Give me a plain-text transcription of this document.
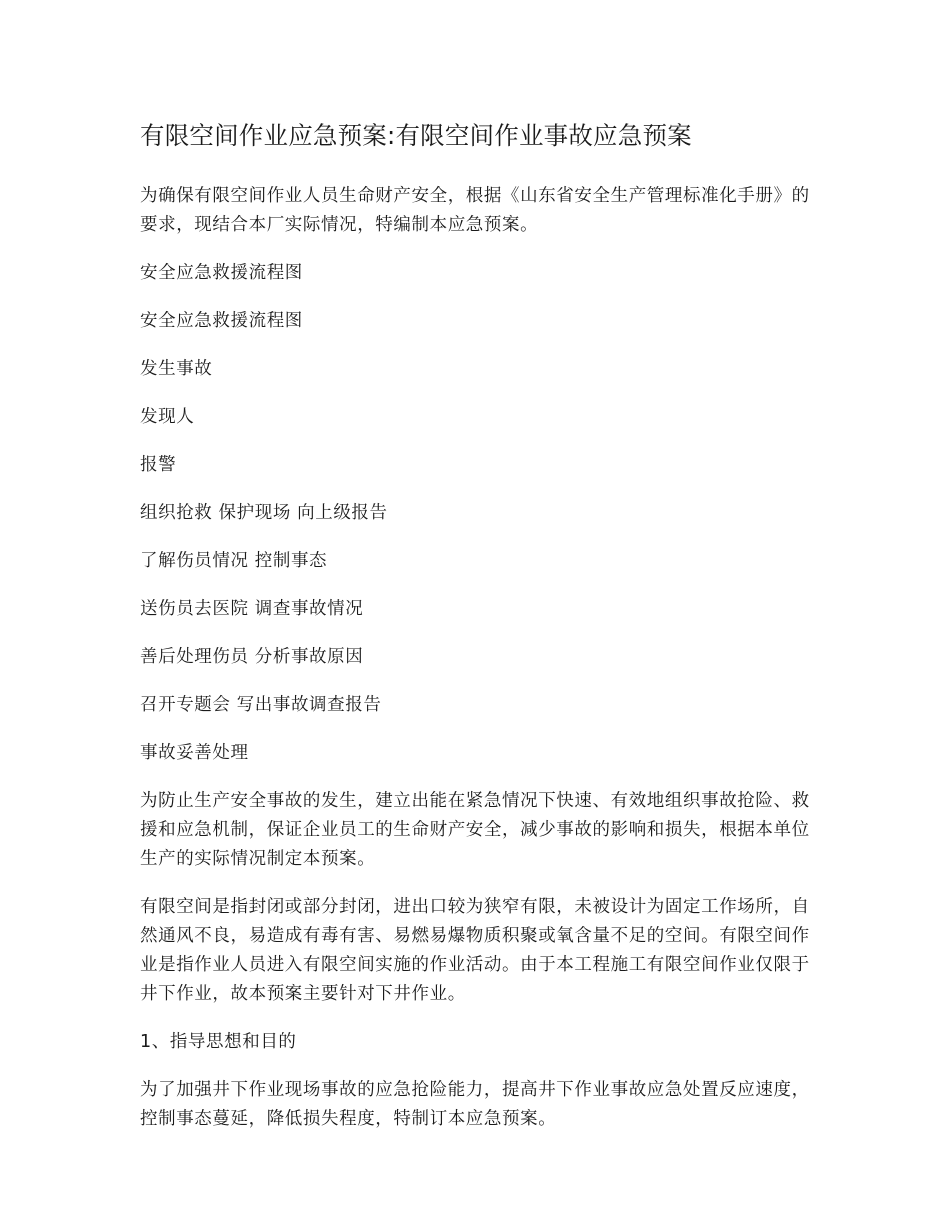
有限空间作业应急预案:有限空间作业事故应急预案

为确保有限空间作业人员生命财产安全，根据《山东省安全生产管理标准化手册》的要求，现结合本厂实际情况，特编制本应急预案。

安全应急救援流程图

安全应急救援流程图

发生事故

发现人

报警

组织抢救 保护现场 向上级报告

了解伤员情况 控制事态

送伤员去医院 调查事故情况

善后处理伤员 分析事故原因

召开专题会 写出事故调查报告

事故妥善处理

为防止生产安全事故的发生，建立出能在紧急情况下快速、有效地组织事故抢险、救援和应急机制，保证企业员工的生命财产安全，减少事故的影响和损失，根据本单位生产的实际情况制定本预案。

有限空间是指封闭或部分封闭，进出口较为狭窄有限，未被设计为固定工作场所，自然通风不良，易造成有毒有害、易燃易爆物质积聚或氧含量不足的空间。有限空间作业是指作业人员进入有限空间实施的作业活动。由于本工程施工有限空间作业仅限于井下作业，故本预案主要针对下井作业。

1、指导思想和目的

为了加强井下作业现场事故的应急抢险能力，提高井下作业事故应急处置反应速度，控制事态蔓延，降低损失程度，特制订本应急预案。
